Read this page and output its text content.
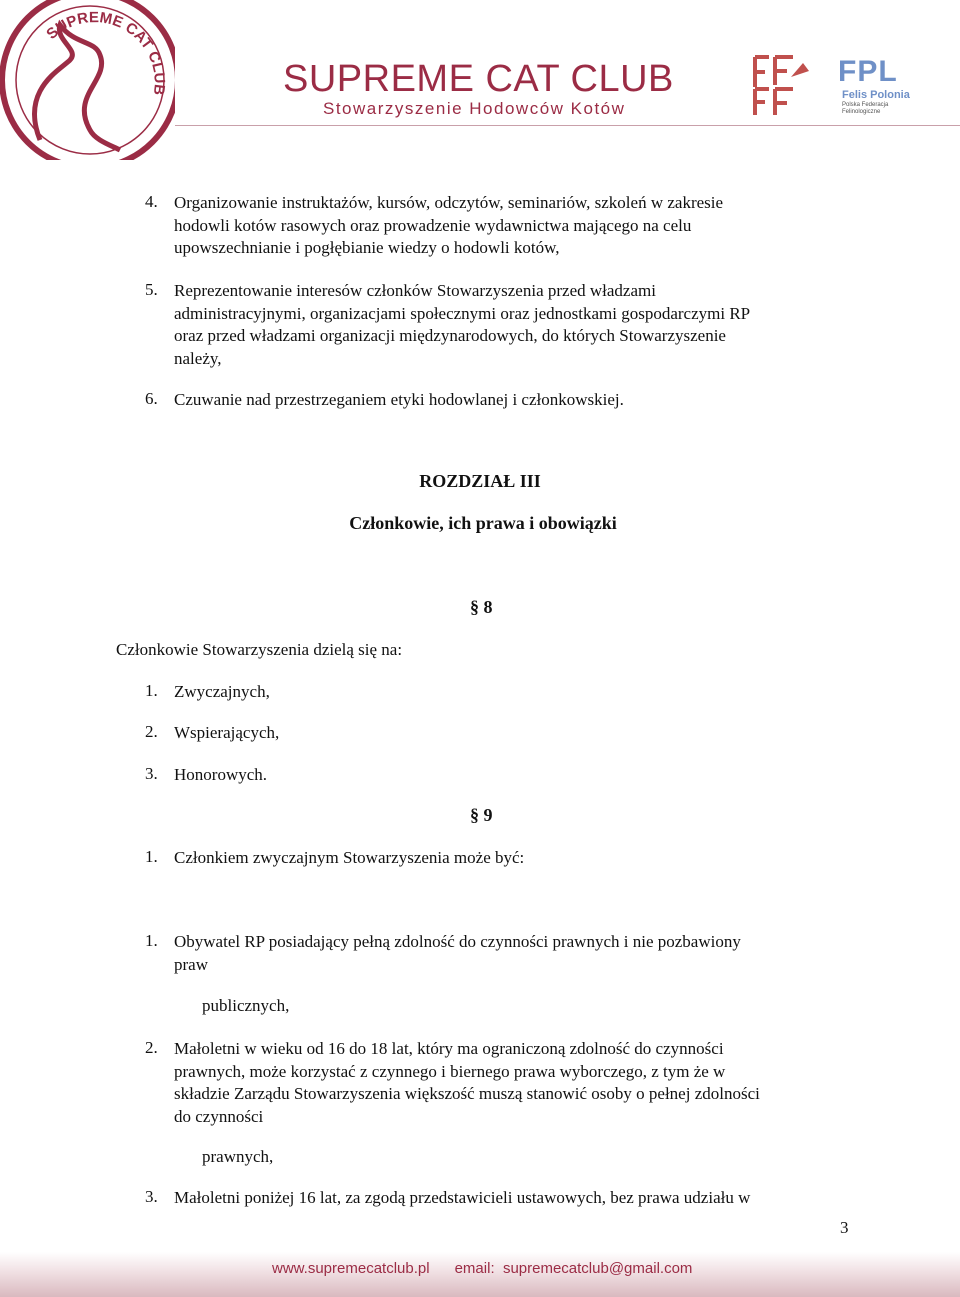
SUPREME CAT CLUB	SUPREME CAT CLUB
Stowarzyszenie Hodowców Kotów
FPL
Felis Polonia
Polska Federacja
Felinologiczne
4. Organizowanie instruktażów, kursów, odczytów, seminariów, szkoleń w zakresie
hodowli kotów rasowych oraz prowadzenie wydawnictwa mającego na celu
upowszechnianie i pogłębianie wiedzy o hodowli kotów,
5. Reprezentowanie interesów członków Stowarzyszenia przed władzami
administracyjnymi, organizacjami społecznymi oraz jednostkami gospodarczymi RP
oraz przed władzami organizacji międzynarodowych, do których Stowarzyszenie
należy,
6. Czuwanie nad przestrzeganiem etyki hodowlanej i członkowskiej.
ROZDZIAŁ III
Członkowie, ich prawa i obowiązki
§ 8
Członkowie Stowarzyszenia dzielą się na:
1. Zwyczajnych,
2. Wspierających,
3. Honorowych.
§ 9
1. Członkiem zwyczajnym Stowarzyszenia może być:
1. Obywatel RP posiadający pełną zdolność do czynności prawnych i nie pozbawiony
praw
publicznych,
2. Małoletni w wieku od 16 do 18 lat, który ma ograniczoną zdolność do czynności
prawnych, może korzystać z czynnego i biernego prawa wyborczego, z tym że w
składzie Zarządu Stowarzyszenia większość muszą stanowić osoby o pełnej zdolności
do czynności
prawnych,
3. Małoletni poniżej 16 lat, za zgodą przedstawicieli ustawowych, bez prawa udziału w
3
www.supremecatclub.pl email:  supremecatclub@gmail.com
